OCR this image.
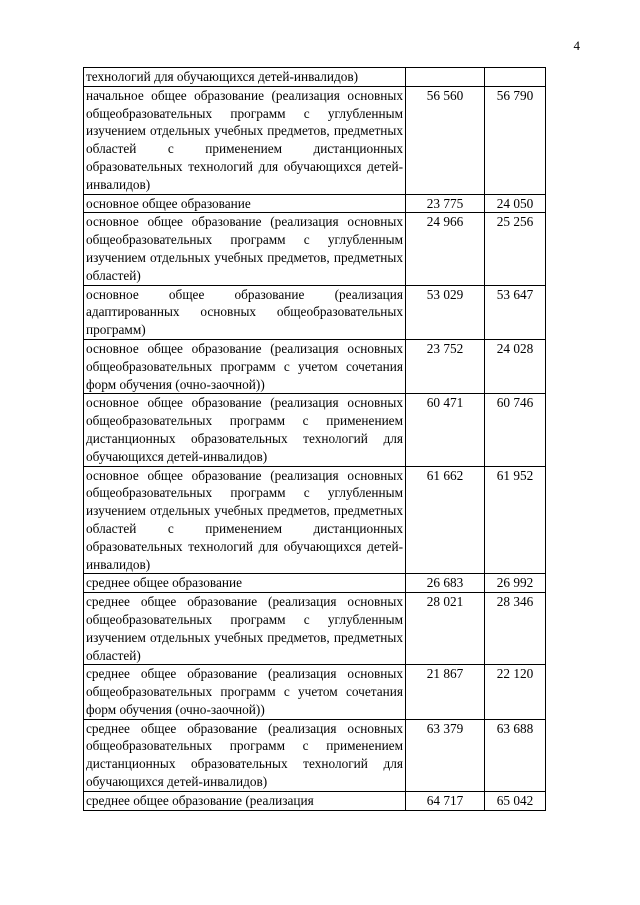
4
технологий для обучающихся детей-инвалидов)		
начальное общее образование (реализация основных общеобразовательных программ с углубленным изучением отдельных учебных предметов, предметных областей с применением дистанционных образовательных технологий для обучающихся детей-инвалидов)	56 560	56 790
основное общее образование	23 775	24 050
основное общее образование (реализация основных общеобразовательных программ с углубленным изучением отдельных учебных предметов, предметных областей)	24 966	25 256
основное общее образование (реализация адаптированных основных общеобразовательных программ)	53 029	53 647
основное общее образование (реализация основных общеобразовательных программ с учетом сочетания форм обучения (очно-заочной))	23 752	24 028
основное общее образование (реализация основных общеобразовательных программ с применением дистанционных образовательных технологий для обучающихся детей-инвалидов)	60 471	60 746
основное общее образование (реализация основных общеобразовательных программ с углубленным изучением отдельных учебных предметов, предметных областей с применением дистанционных образовательных технологий для обучающихся детей-инвалидов)	61 662	61 952
среднее общее образование	26 683	26 992
среднее общее образование (реализация основных общеобразовательных программ с углубленным изучением отдельных учебных предметов, предметных областей)	28 021	28 346
среднее общее образование (реализация основных общеобразовательных программ с учетом сочетания форм обучения (очно-заочной))	21 867	22 120
среднее общее образование (реализация основных общеобразовательных программ с применением дистанционных образовательных технологий для обучающихся детей-инвалидов)	63 379	63 688
среднее общее образование (реализация	64 717	65 042
